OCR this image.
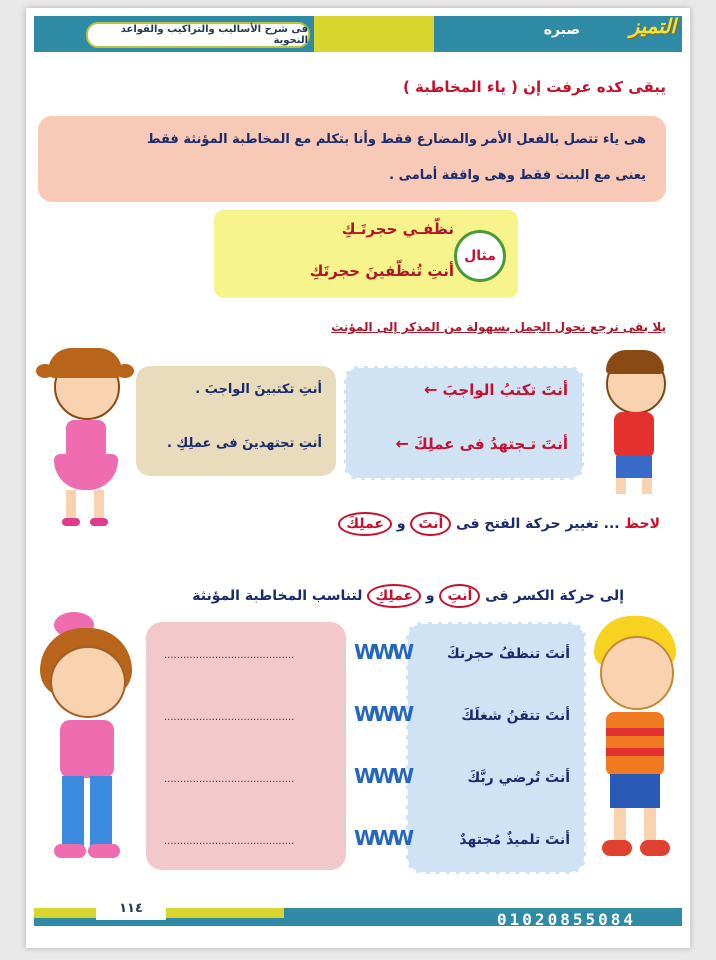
فى شرح الأساليب والتراكيب والقواعد النحوية
صبره التميز
يبقى كده عرفت إن ( ياء المخاطبة )
هى ياء تتصل بالفعل الأمر والمضارع فقط وأنا بتكلم مع المخاطبة المؤنثة فقط
يعنى مع البنت فقط وهى واقفة أمامى .
نظّفـي حجرتَـكِ
أنتِ تُنظّفينَ حجرتَكِ
مثال
يلا بقى نرجع نحول الجمل بسهولة من المذكر إلى المؤنث
أنتَ تكتبُ الواجبَ ←
أنتَ تـجتهدُ فى عملِكَ ←
أنتِ تكتبينَ الواجبَ .
أنتِ تجتهدينَ فى عملِكِ .
لاحظ ... تغيير حركة الفتح فى أنتَ و عملِكَ
إلى حركة الكسر فى أنتِ و عملِكِ لتناسب المخاطبة المؤنثة
أنتَ تنظفُ حجرتكَ
أنتَ تتقنُ شغلَكَ
أنتَ تُرضي ربَّكَ
أنتَ تلميذٌ مُجتهدٌ
WWW
WWW
WWW
WWW
.........................................
.........................................
.........................................
.........................................
١١٤
01020855084
